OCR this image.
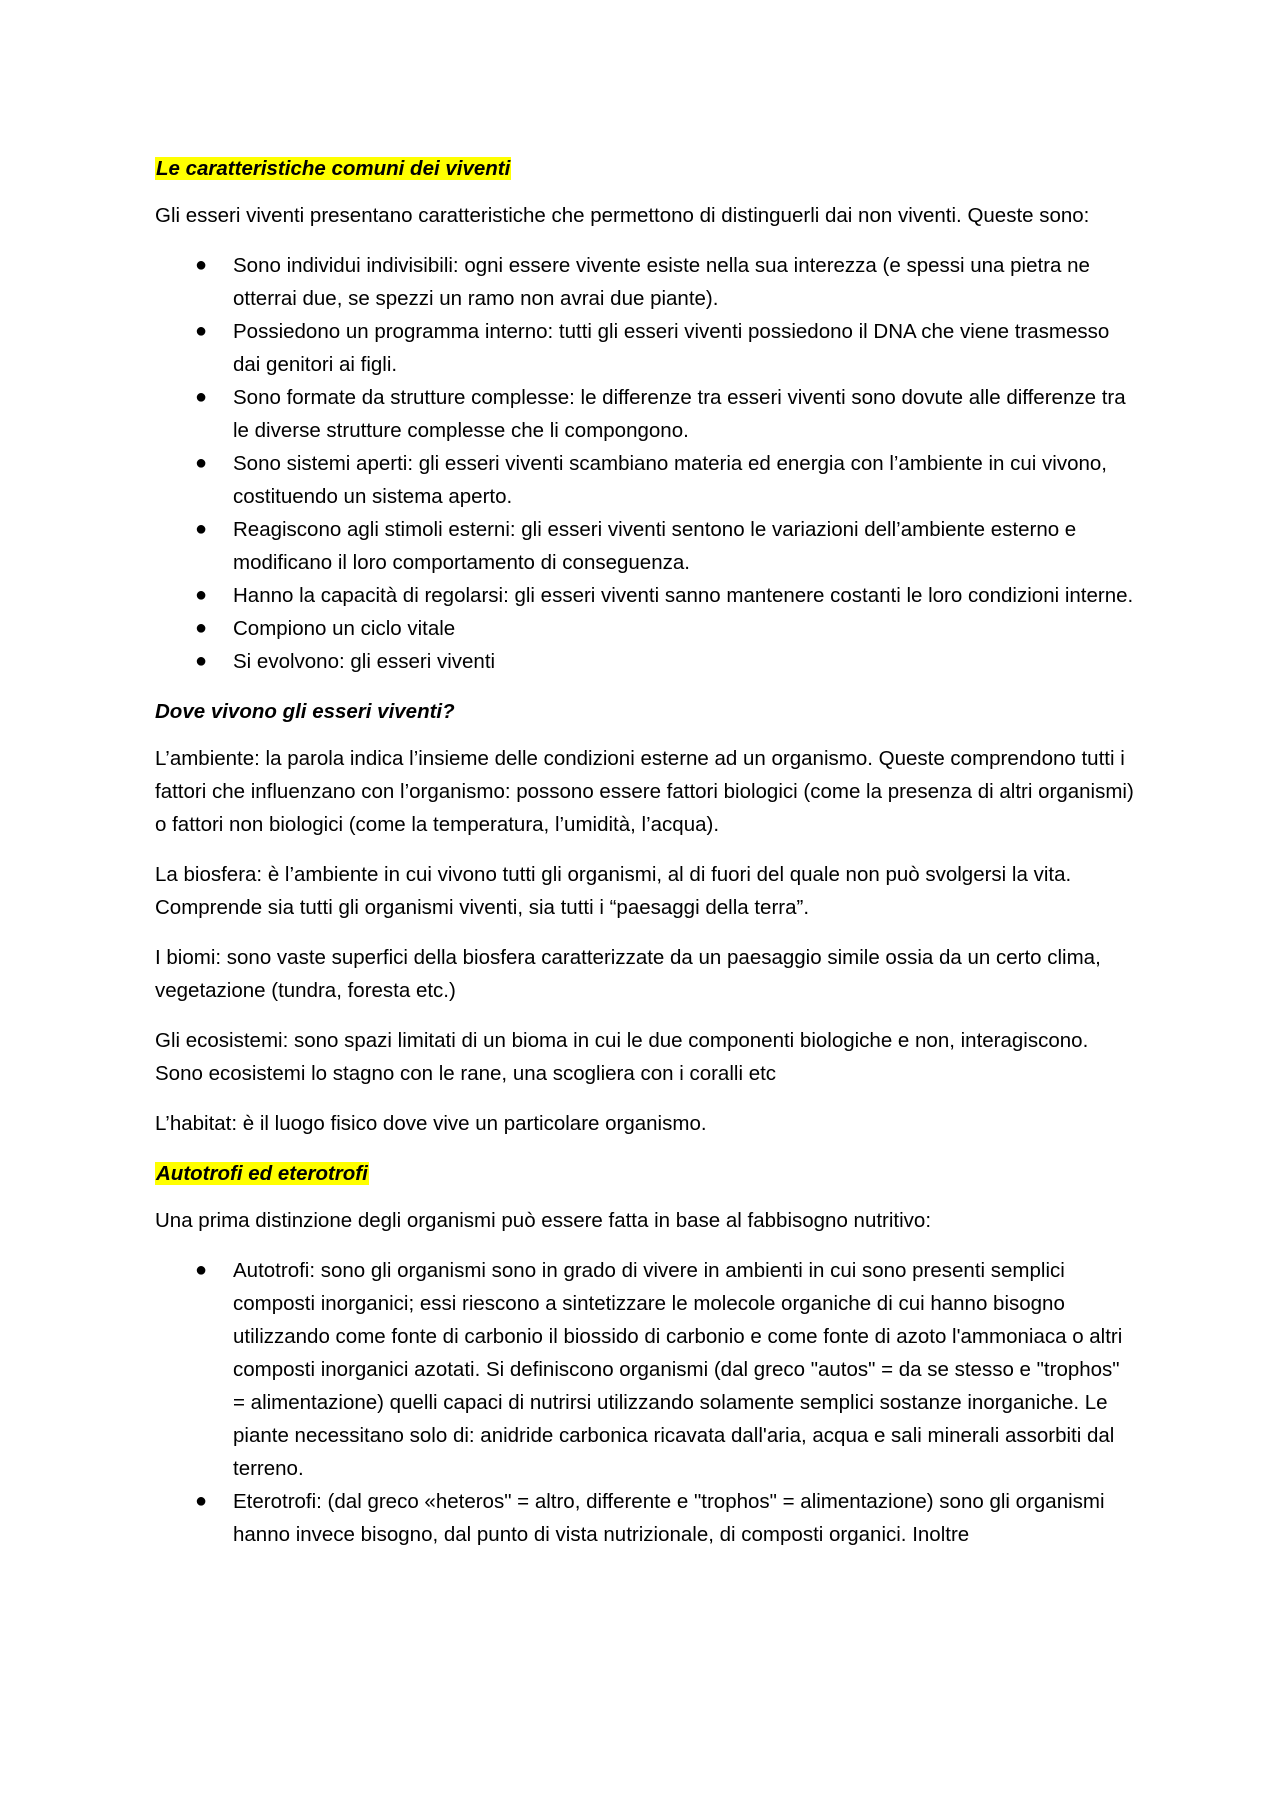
Le caratteristiche comuni dei viventi

Gli esseri viventi presentano caratteristiche che permettono di distinguerli dai non viventi. Queste sono:

● Sono individui indivisibili: ogni essere vivente esiste nella sua interezza (e spessi una pietra ne otterrai due, se spezzi un ramo non avrai due piante).
● Possiedono un programma interno: tutti gli esseri viventi possiedono il DNA che viene trasmesso dai genitori ai figli.
● Sono formate da strutture complesse: le differenze tra esseri viventi sono dovute alle differenze tra le diverse strutture complesse che li compongono.
● Sono sistemi aperti: gli esseri viventi scambiano materia ed energia con l’ambiente in cui vivono, costituendo un sistema aperto.
● Reagiscono agli stimoli esterni: gli esseri viventi sentono le variazioni dell’ambiente esterno e modificano il loro comportamento di conseguenza.
● Hanno la capacità di regolarsi: gli esseri viventi sanno mantenere costanti le loro condizioni interne.
● Compiono un ciclo vitale
● Si evolvono: gli esseri viventi
Dove vivono gli esseri viventi?

L’ambiente: la parola indica l’insieme delle condizioni esterne ad un organismo. Queste comprendono tutti i fattori che influenzano con l’organismo: possono essere fattori biologici (come la presenza di altri organismi) o fattori non biologici (come la temperatura, l’umidità, l’acqua).

La biosfera: è l’ambiente in cui vivono tutti gli organismi, al di fuori del quale non può svolgersi la vita. Comprende sia tutti gli organismi viventi, sia tutti i “paesaggi della terra”.

I biomi: sono vaste superfici della biosfera caratterizzate da un paesaggio simile ossia da un certo clima, vegetazione (tundra, foresta etc.)

Gli ecosistemi: sono spazi limitati di un bioma in cui le due componenti biologiche e non, interagiscono. Sono ecosistemi lo stagno con le rane, una scogliera con i coralli etc

L’habitat: è il luogo fisico dove vive un particolare organismo.

Autotrofi ed eterotrofi

Una prima distinzione degli organismi può essere fatta in base al fabbisogno nutritivo:

● Autotrofi: sono gli organismi sono in grado di vivere in ambienti in cui sono presenti semplici composti inorganici; essi riescono a sintetizzare le molecole organiche di cui hanno bisogno utilizzando come fonte di carbonio il biossido di carbonio e come fonte di azoto l'ammoniaca o altri composti inorganici azotati. Si definiscono organismi (dal greco "autos" = da se stesso e "trophos" = alimentazione) quelli capaci di nutrirsi utilizzando solamente semplici sostanze inorganiche. Le piante necessitano solo di: anidride carbonica ricavata dall'aria, acqua e sali minerali assorbiti dal terreno.
● Eterotrofi: (dal greco «heteros" = altro, differente e "trophos" = alimentazione) sono gli organismi hanno invece bisogno, dal punto di vista nutrizionale, di composti organici. Inoltre
